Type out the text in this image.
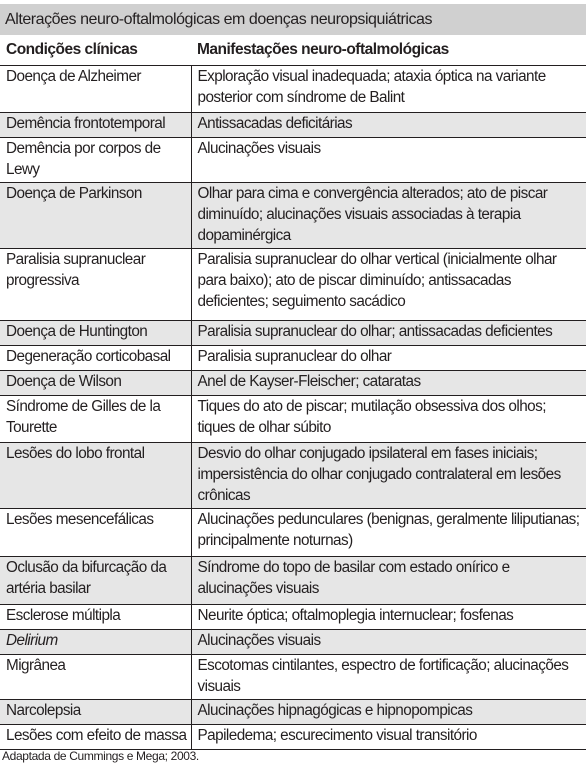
Alterações neuro-oftalmológicas em doenças neuropsiquiátricas
Condições clínicas	Manifestações neuro-oftalmológicas
Doença de Alzheimer	Exploração visual inadequada; ataxia óptica na variante posterior com síndrome de Balint
Demência frontotemporal	Antissacadas deficitárias
Demência por corpos de Lewy	Alucinações visuais
Doença de Parkinson	Olhar para cima e convergência alterados; ato de piscar diminuído; alucinações visuais associadas à terapia dopaminérgica
Paralisia supranuclear progressiva	Paralisia supranuclear do olhar vertical (inicialmente olhar para baixo); ato de piscar diminuído; antissacadas deficientes; seguimento sacádico
Doença de Huntington	Paralisia supranuclear do olhar; antissacadas deficientes
Degeneração corticobasal	Paralisia supranuclear do olhar
Doença de Wilson	Anel de Kayser-Fleischer; cataratas
Síndrome de Gilles de la Tourette	Tiques do ato de piscar; mutilação obsessiva dos olhos; tiques de olhar súbito
Lesões do lobo frontal	Desvio do olhar conjugado ipsilateral em fases iniciais; impersistência do olhar conjugado contralateral em lesões crônicas
Lesões mesencefálicas	Alucinações pedunculares (benignas, geralmente liliputianas; principalmente noturnas)
Oclusão da bifurcação da artéria basilar	Síndrome do topo de basilar com estado onírico e alucinações visuais
Esclerose múltipla	Neurite óptica; oftalmoplegia internuclear; fosfenas
Delirium	Alucinações visuais
Migrânea	Escotomas cintilantes, espectro de fortificação; alucinações visuais
Narcolepsia	Alucinações hipnagógicas e hipnopompicas
Lesões com efeito de massa	Papiledema; escurecimento visual transitório
Adaptada de Cummings e Mega; 2003.
